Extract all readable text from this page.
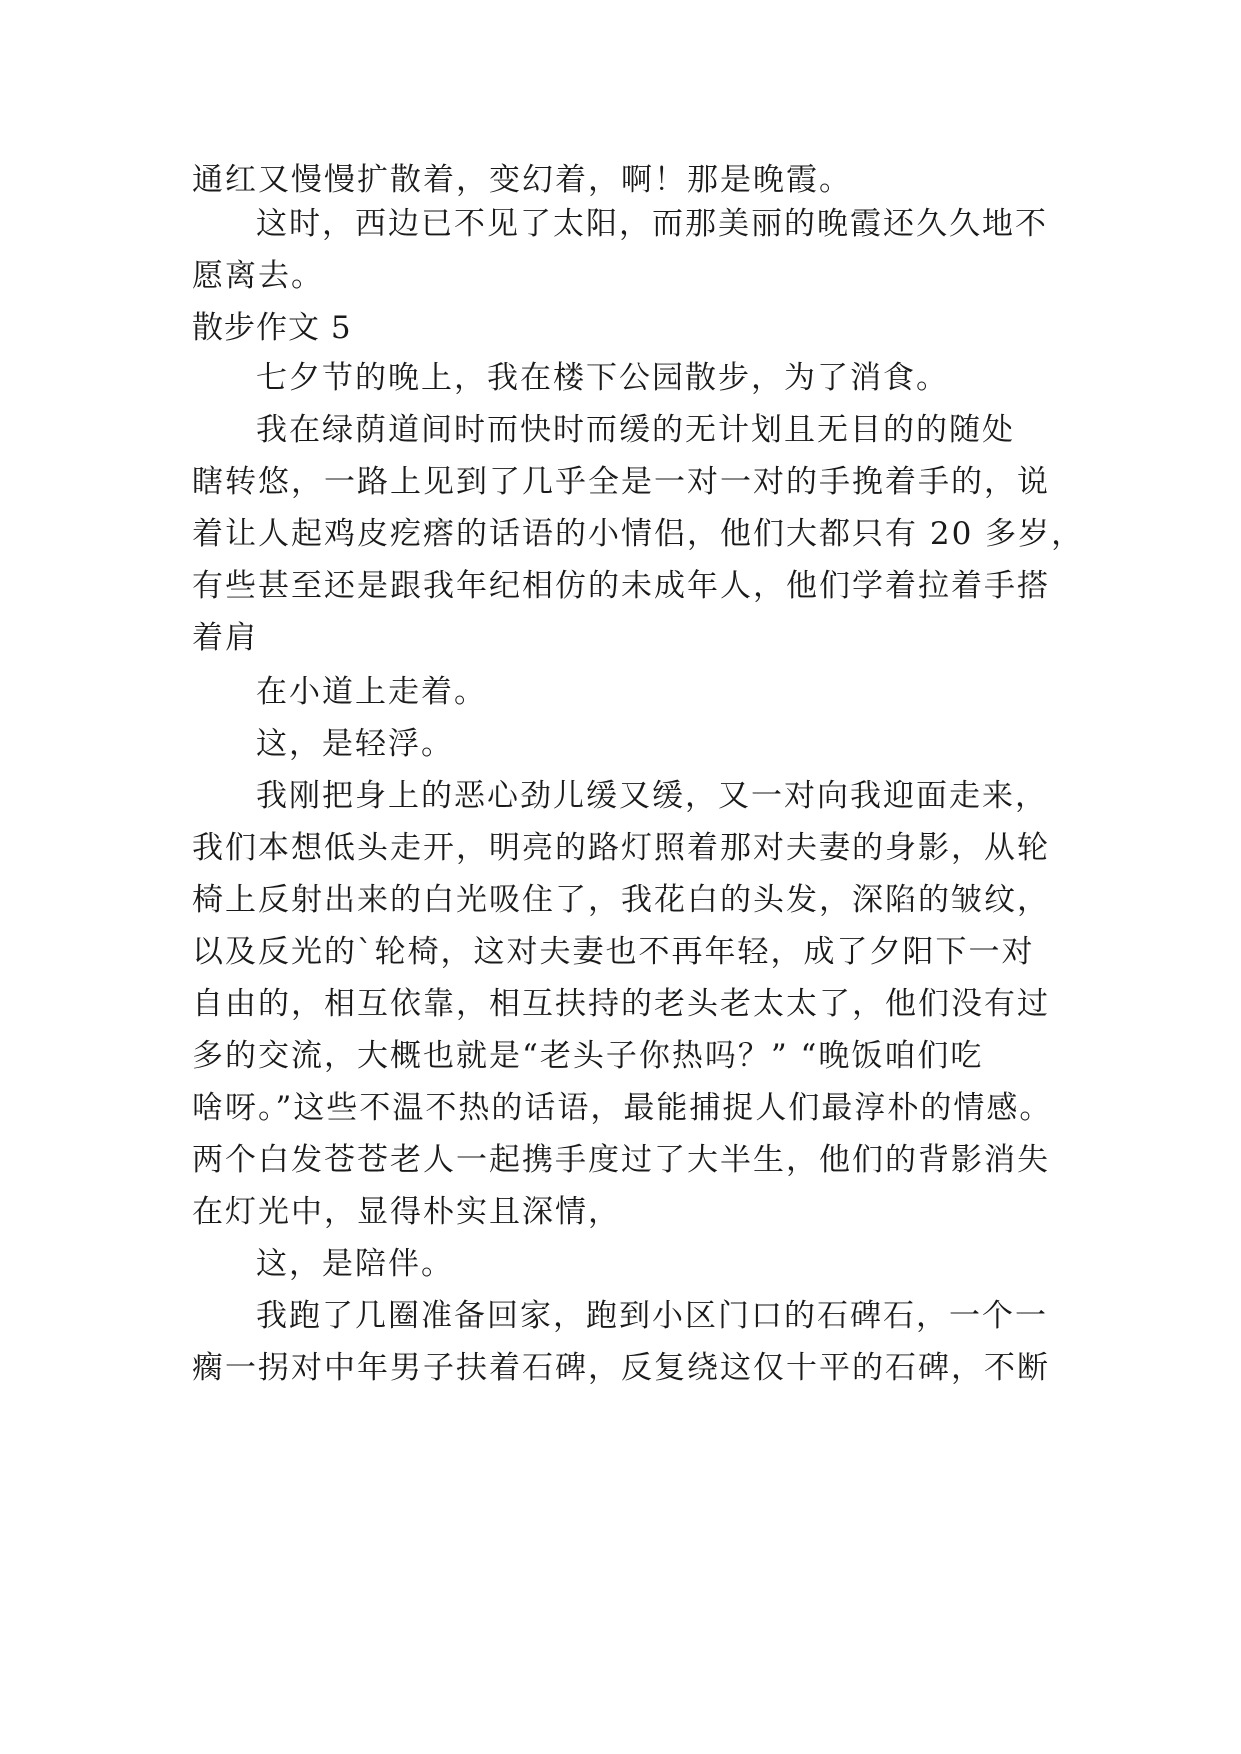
通红又慢慢扩散着，变幻着，啊！那是晚霞。
这时，西边已不见了太阳，而那美丽的晚霞还久久地不
愿离去。
散步作文 5
七夕节的晚上，我在楼下公园散步，为了消食。
我在绿荫道间时而快时而缓的无计划且无目的的随处
瞎转悠，一路上见到了几乎全是一对一对的手挽着手的，说
着让人起鸡皮疙瘩的话语的小情侣，他们大都只有 20 多岁，
有些甚至还是跟我年纪相仿的未成年人，他们学着拉着手搭
着肩
在小道上走着。
这，是轻浮。
我刚把身上的恶心劲儿缓又缓，又一对向我迎面走来，
我们本想低头走开，明亮的路灯照着那对夫妻的身影，从轮
椅上反射出来的白光吸住了，我花白的头发，深陷的皱纹，
以及反光的`轮椅，这对夫妻也不再年轻，成了夕阳下一对
自由的，相互依靠，相互扶持的老头老太太了，他们没有过
多的交流，大概也就是“老头子你热吗？” “晚饭咱们吃
啥呀。”这些不温不热的话语，最能捕捉人们最淳朴的情感。
两个白发苍苍老人一起携手度过了大半生，他们的背影消失
在灯光中，显得朴实且深情，
这，是陪伴。
我跑了几圈准备回家，跑到小区门口的石碑石，一个一
瘸一拐对中年男子扶着石碑，反复绕这仅十平的石碑，不断
